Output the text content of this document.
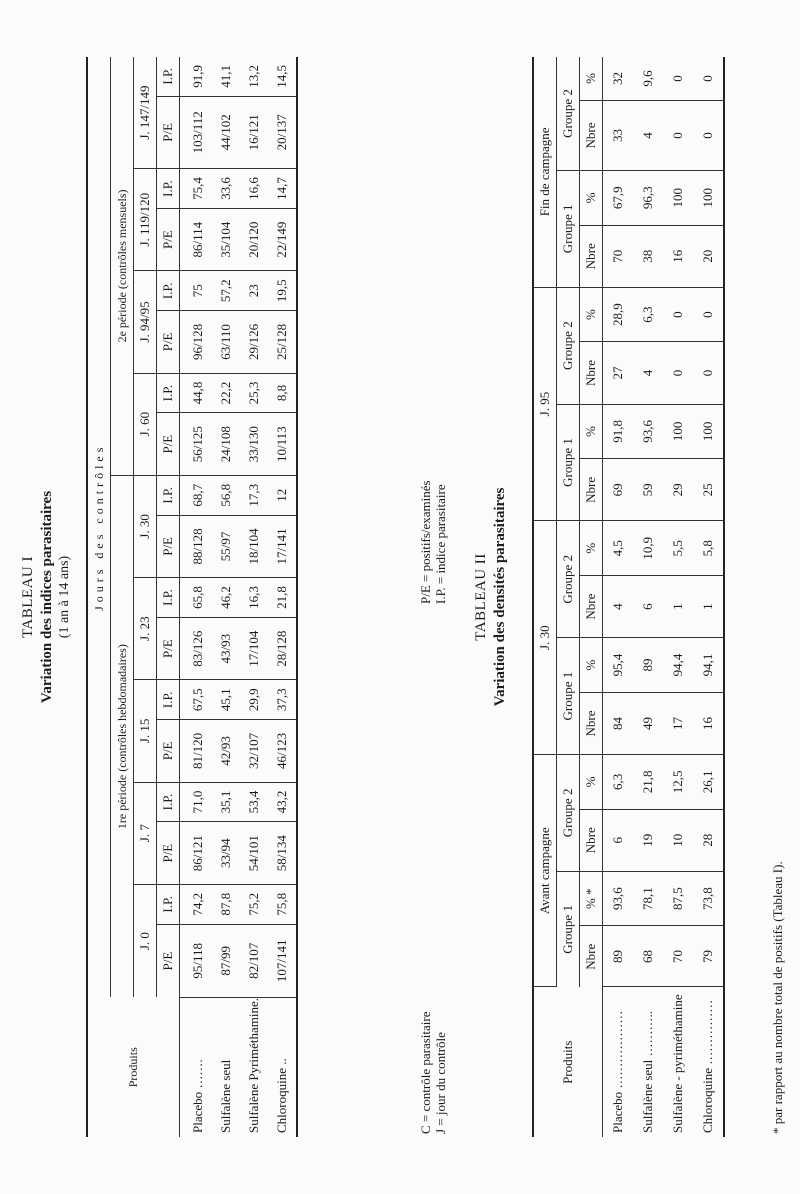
TABLEAU I Variation des indices parasitaires (1 an à 14 ans)
Produits	Jours des contrôles																	
	1re période (contrôles hebdomadaires)										2e période (contrôles mensuels)							
	J. 0		J. 7		J. 15		J. 23		J. 30		J. 60		J. 94/95		J. 119/120		J. 147/149	
	P/E	I.P.	P/E	I.P.	P/E	I.P.	P/E	I.P.	P/E	I.P.	P/E	I.P.	P/E	I.P.	P/E	I.P.	P/E	I.P.
Placebo …….	95/118	74,2	86/121	71,0	81/120	67,5	83/126	65,8	88/128	68,7	56/125	44,8	96/128	75	86/114	75,4	103/112	91,9
Sulfalène seul	87/99	87,8	33/94	35,1	42/93	45,1	43/93	46,2	55/97	56,8	24/108	22,2	63/110	57,2	35/104	33,6	44/102	41,1
Sulfalène Pyriméthamine.	82/107	75,2	54/101	53,4	32/107	29,9	17/104	16,3	18/104	17,3	33/130	25,3	29/126	23	20/120	16,6	16/121	13,2
Chloroquine ..	107/141	75,8	58/134	43,2	46/123	37,3	28/128	21,8	17/141	12	10/113	8,8	25/128	19,5	22/149	14,7	20/137	14,5
C = contrôle parasitaire J = jour du contrôle
P/E = positifs/examinés I.P. = indice parasitaire TABLEAU II Variation des densités parasitaires
Produits	Avant campagne				J. 30				J. 95				Fin de campagne			
	Groupe 1		Groupe 2		Groupe 1		Groupe 2		Groupe 1		Groupe 2		Groupe 1		Groupe 2	
	Nbre	% *	Nbre	%	Nbre	%	Nbre	%	Nbre	%	Nbre	%	Nbre	%	Nbre	%
Placebo ………………	89	93,6	6	6,3	84	95,4	4	4,5	69	91,8	27	28,9	70	67,9	33	32
Sulfalène seul ………..	68	78,1	19	21,8	49	89	6	10,9	59	93,6	4	6,3	38	96,3	4	9,6
Sulfalène - pyriméthamine	70	87,5	10	12,5	17	94,4	1	5,5	29	100	0	0	16	100	0	0
Chloroquine ……………	79	73,8	28	26,1	16	94,1	1	5,8	25	100	0	0	20	100	0	0
* par rapport au nombre total de positifs (Tableau I).
